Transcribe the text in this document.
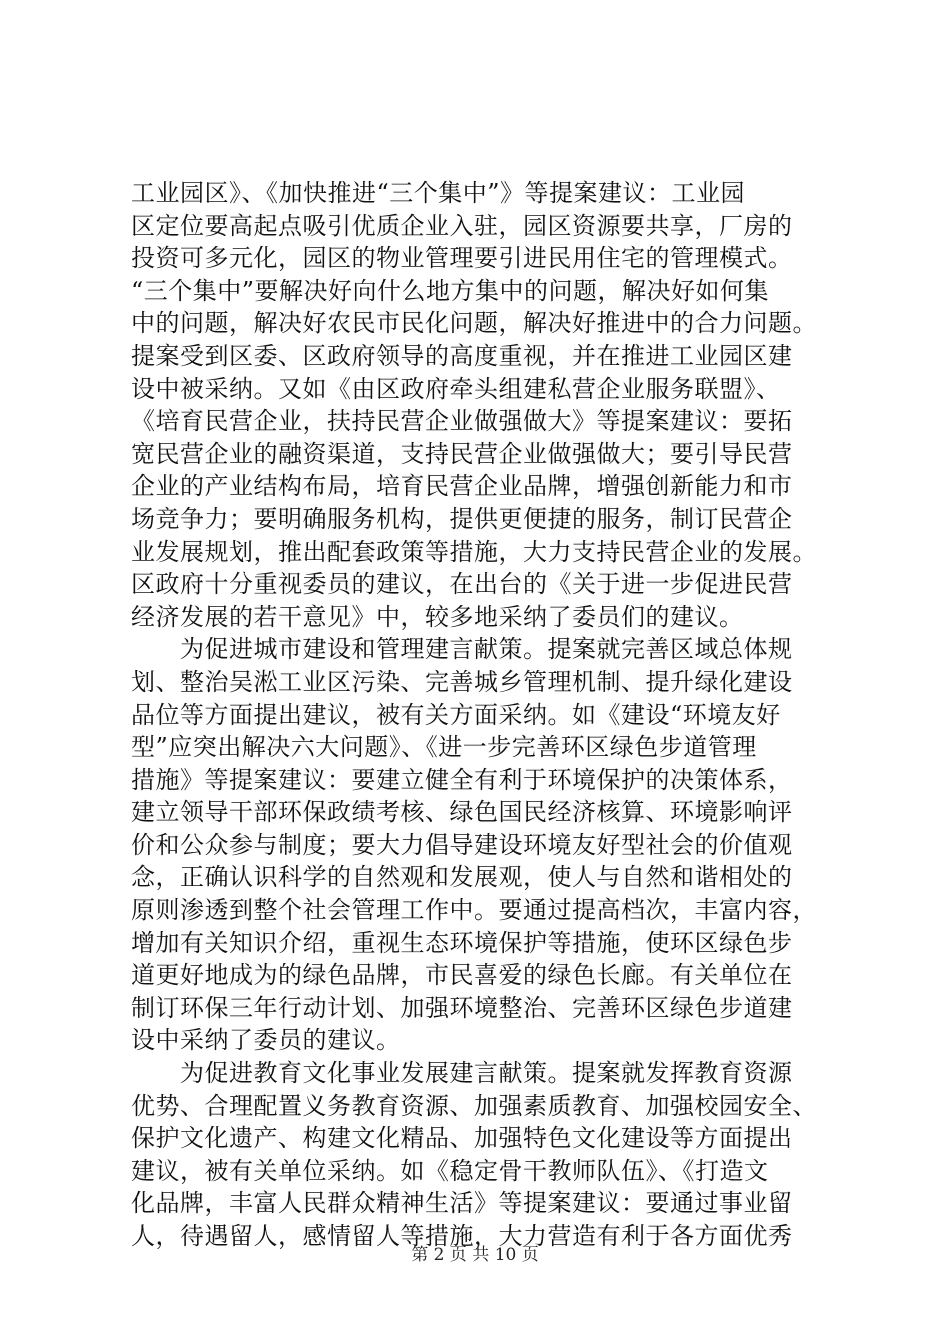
工业园区》、《加快推进“三个集中”》等提案建议：工业园
区定位要高起点吸引优质企业入驻，园区资源要共享，厂房的
投资可多元化，园区的物业管理要引进民用住宅的管理模式。
“三个集中”要解决好向什么地方集中的问题，解决好如何集
中的问题，解决好农民市民化问题，解决好推进中的合力问题。
提案受到区委、区政府领导的高度重视，并在推进工业园区建
设中被采纳。又如《由区政府牵头组建私营企业服务联盟》、
《培育民营企业，扶持民营企业做强做大》等提案建议：要拓
宽民营企业的融资渠道，支持民营企业做强做大；要引导民营
企业的产业结构布局，培育民营企业品牌，增强创新能力和市
场竞争力；要明确服务机构，提供更便捷的服务，制订民营企
业发展规划，推出配套政策等措施，大力支持民营企业的发展。
区政府十分重视委员的建议，在出台的《关于进一步促进民营
经济发展的若干意见》中，较多地采纳了委员们的建议。
　　为促进城市建设和管理建言献策。提案就完善区域总体规
划、整治吴淞工业区污染、完善城乡管理机制、提升绿化建设
品位等方面提出建议，被有关方面采纳。如《建设“环境友好
型”应突出解决六大问题》、《进一步完善环区绿色步道管理
措施》等提案建议：要建立健全有利于环境保护的决策体系，
建立领导干部环保政绩考核、绿色国民经济核算、环境影响评
价和公众参与制度；要大力倡导建设环境友好型社会的价值观
念，正确认识科学的自然观和发展观，使人与自然和谐相处的
原则渗透到整个社会管理工作中。要通过提高档次，丰富内容，
增加有关知识介绍，重视生态环境保护等措施，使环区绿色步
道更好地成为的绿色品牌，市民喜爱的绿色长廊。有关单位在
制订环保三年行动计划、加强环境整治、完善环区绿色步道建
设中采纳了委员的建议。
　　为促进教育文化事业发展建言献策。提案就发挥教育资源
优势、合理配置义务教育资源、加强素质教育、加强校园安全、
保护文化遗产、构建文化精品、加强特色文化建设等方面提出
建议，被有关单位采纳。如《稳定骨干教师队伍》、《打造文
化品牌，丰富人民群众精神生活》等提案建议：要通过事业留
人，待遇留人，感情留人等措施，大力营造有利于各方面优秀
第 2 页 共 10 页
